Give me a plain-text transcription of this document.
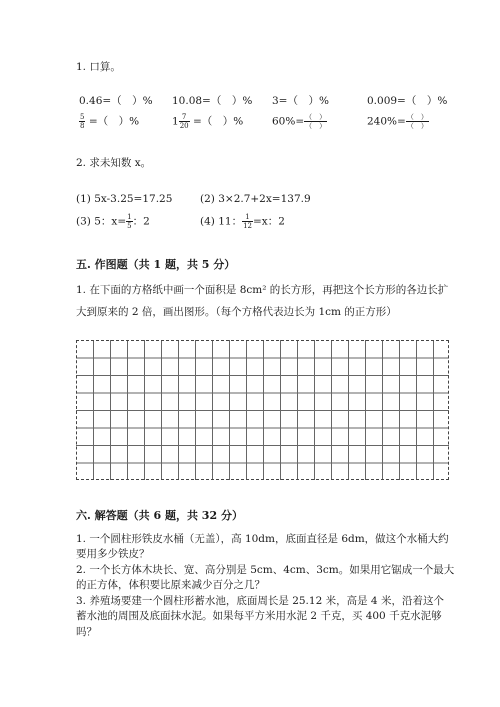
1. 口算。
0.46=（　）% 10.08=（　）% 3=（　）%	0.009=（　）%
$\frac{5}{8}$ =（　）%	$1 \frac{7}{20}$ =（　）%	$60\%= \frac{( )}{( )}$	$240\%= \frac{( )}{( )}$
2. 求未知数 x。
(1) 5x-3.25=17.25	(2) 3×2.7+2x=137.9
(3) 5：$x= \frac{1}{5}$ ：2	(4) 11： $\frac{1}{12} =x$：2
五. 作图题（共 1 题，共 5 分）
1. 在下面的方格纸中画一个面积是 8cm² 的长方形，再把这个长方形的各边长扩
大到原来的 2 倍，画出图形。（每个方格代表边长为 1cm 的正方形）
六. 解答题（共 6 题，共 32 分）
1. 一个圆柱形铁皮水桶（无盖），高 10dm，底面直径是 6dm，做这个水桶大约
要用多少铁皮？
2. 一个长方体木块长、宽、高分别是 5cm、4cm、3cm。如果用它锯成一个最大
的正方体，体积要比原来减少百分之几？
3. 养殖场要建一个圆柱形蓄水池，底面周长是 25.12 米，高是 4 米，沿着这个
蓄水池的周围及底面抹水泥。如果每平方米用水泥 2 千克，买 400 千克水泥够
吗？
